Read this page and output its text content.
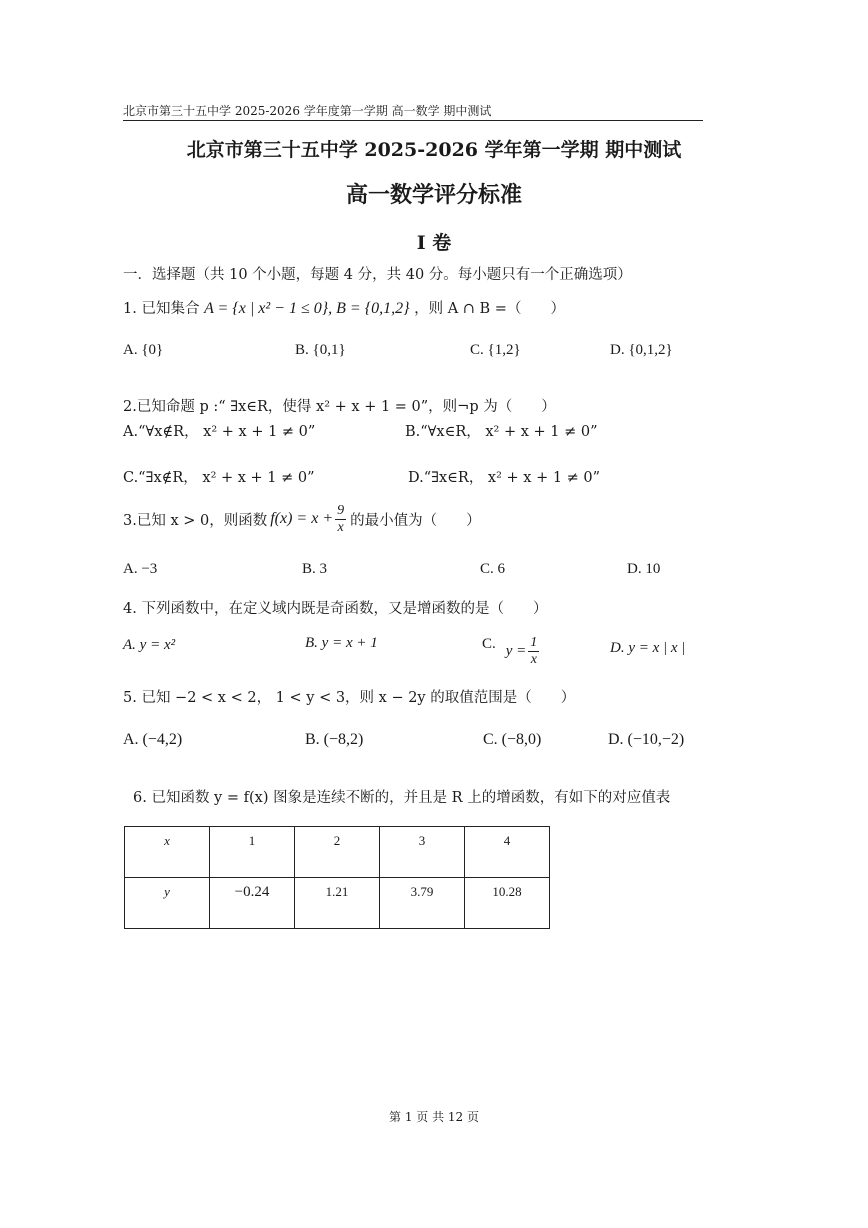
北京市第三十五中学 2025-2026 学年度第一学期 高一数学 期中测试
北京市第三十五中学 2025-2026 学年第一学期 期中测试
高一数学评分标准
I 卷
一．选择题（共 10 个小题，每题 4 分，共 40 分。每小题只有一个正确选项）
1. 已知集合 A = {x | x² − 1 ≤ 0}, B = {0,1,2} ，则 A ∩ B =（　　）
A. {0}	B. {0,1}	C. {1,2}	D. {0,1,2}
2.已知命题 p :“ ∃x∈R，使得 x² + x + 1 = 0”，则¬p 为（　　）
A.“∀x∉R， x² + x + 1 ≠ 0”	B.“∀x∈R， x² + x + 1 ≠ 0”
C.“∃x∉R， x² + x + 1 ≠ 0”	D.“∃x∈R， x² + x + 1 ≠ 0”
3.已知 x > 0，则函数 $f(x) = x + \frac{9}{x}$ 的最小值为（　　）
A. −3	B. 3	C. 6	D. 10
4. 下列函数中，在定义域内既是奇函数，又是增函数的是（　　）
A. y = x²	B. y = x + 1	C. $y = \frac{1}{x}$	D. y = x | x |
5. 已知 −2 < x < 2， 1 < y < 3，则 x − 2y 的取值范围是（　　）
A. (−4,2)	B. (−8,2)	C. (−8,0)	D. (−10,−2)
6. 已知函数 y = f(x) 图象是连续不断的，并且是 R 上的增函数，有如下的对应值表
x	1	2	3	4
y	−0.24	1.21	3.79	10.28
第 1 页 共 12 页
